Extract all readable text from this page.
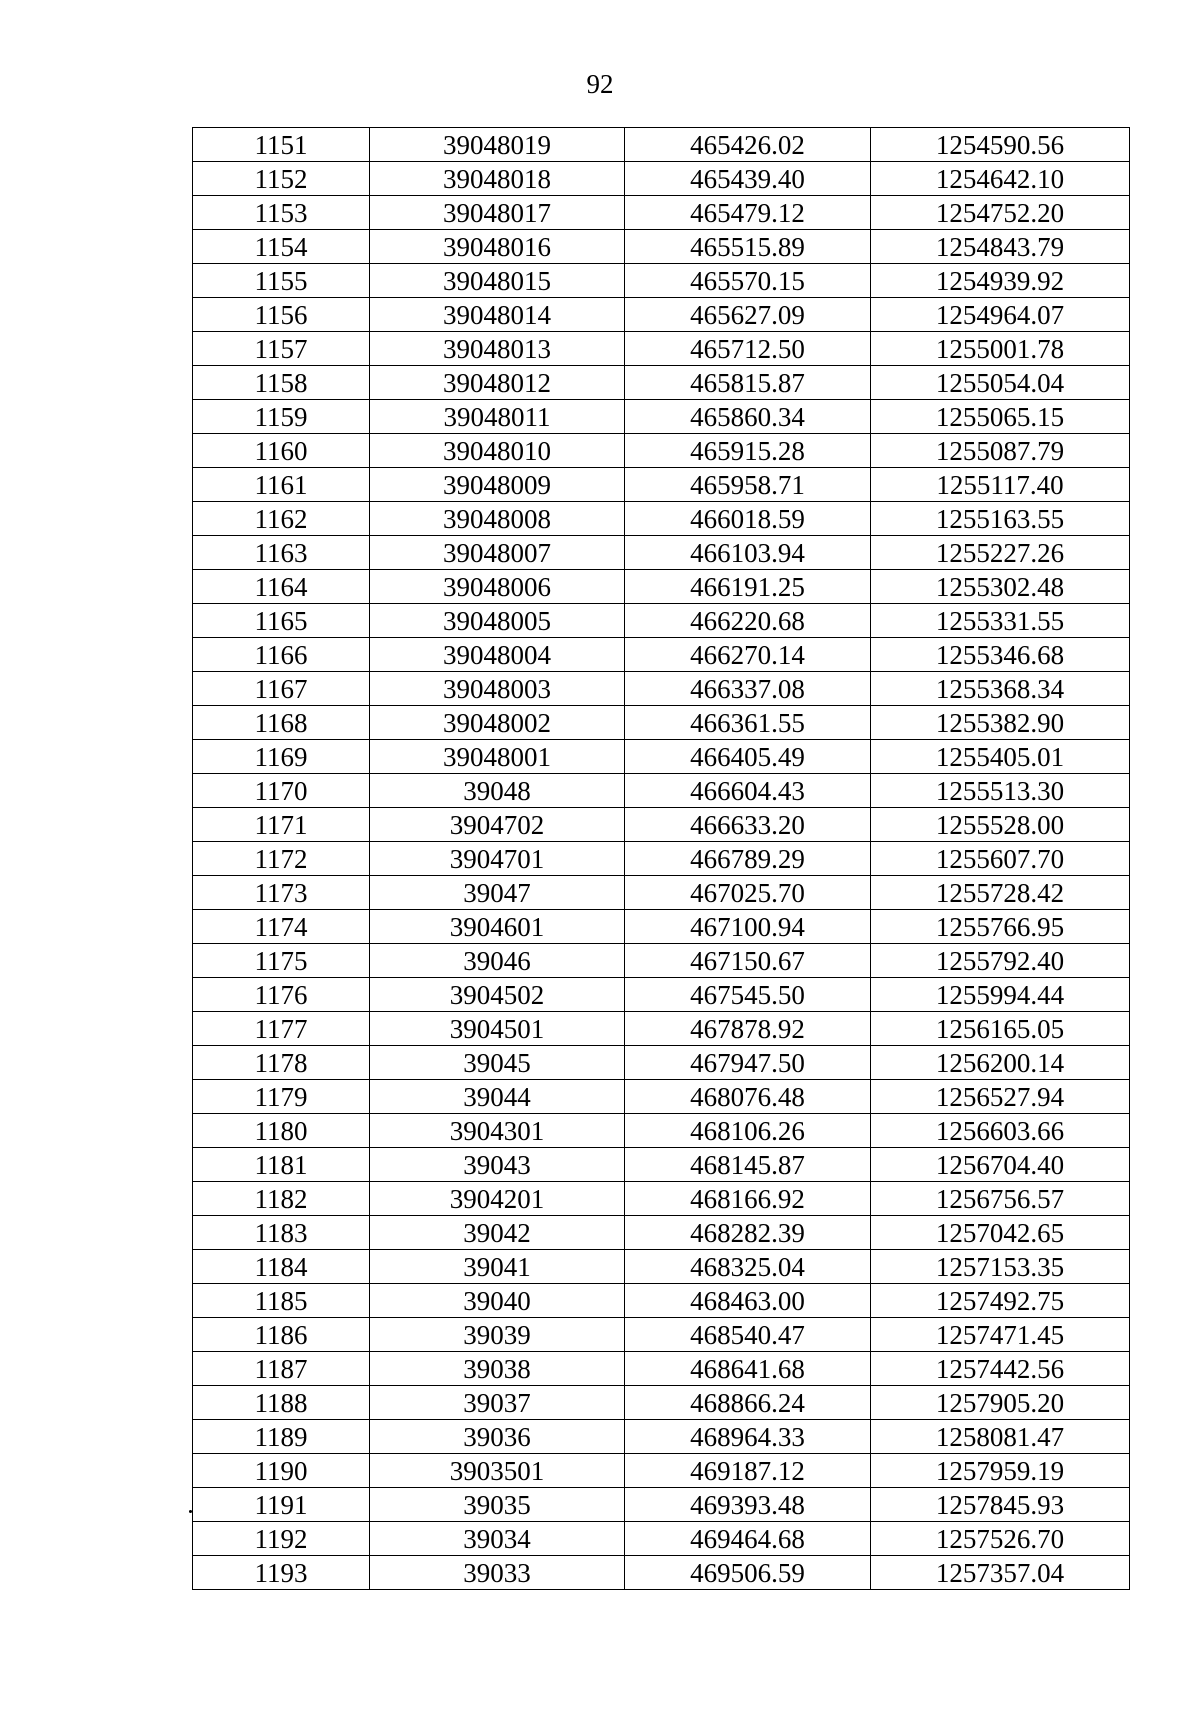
92
1151	39048019	465426.02	1254590.56
1152	39048018	465439.40	1254642.10
1153	39048017	465479.12	1254752.20
1154	39048016	465515.89	1254843.79
1155	39048015	465570.15	1254939.92
1156	39048014	465627.09	1254964.07
1157	39048013	465712.50	1255001.78
1158	39048012	465815.87	1255054.04
1159	39048011	465860.34	1255065.15
1160	39048010	465915.28	1255087.79
1161	39048009	465958.71	1255117.40
1162	39048008	466018.59	1255163.55
1163	39048007	466103.94	1255227.26
1164	39048006	466191.25	1255302.48
1165	39048005	466220.68	1255331.55
1166	39048004	466270.14	1255346.68
1167	39048003	466337.08	1255368.34
1168	39048002	466361.55	1255382.90
1169	39048001	466405.49	1255405.01
1170	39048	466604.43	1255513.30
1171	3904702	466633.20	1255528.00
1172	3904701	466789.29	1255607.70
1173	39047	467025.70	1255728.42
1174	3904601	467100.94	1255766.95
1175	39046	467150.67	1255792.40
1176	3904502	467545.50	1255994.44
1177	3904501	467878.92	1256165.05
1178	39045	467947.50	1256200.14
1179	39044	468076.48	1256527.94
1180	3904301	468106.26	1256603.66
1181	39043	468145.87	1256704.40
1182	3904201	468166.92	1256756.57
1183	39042	468282.39	1257042.65
1184	39041	468325.04	1257153.35
1185	39040	468463.00	1257492.75
1186	39039	468540.47	1257471.45
1187	39038	468641.68	1257442.56
1188	39037	468866.24	1257905.20
1189	39036	468964.33	1258081.47
1190	3903501	469187.12	1257959.19
1191	39035	469393.48	1257845.93
1192	39034	469464.68	1257526.70
1193	39033	469506.59	1257357.04
